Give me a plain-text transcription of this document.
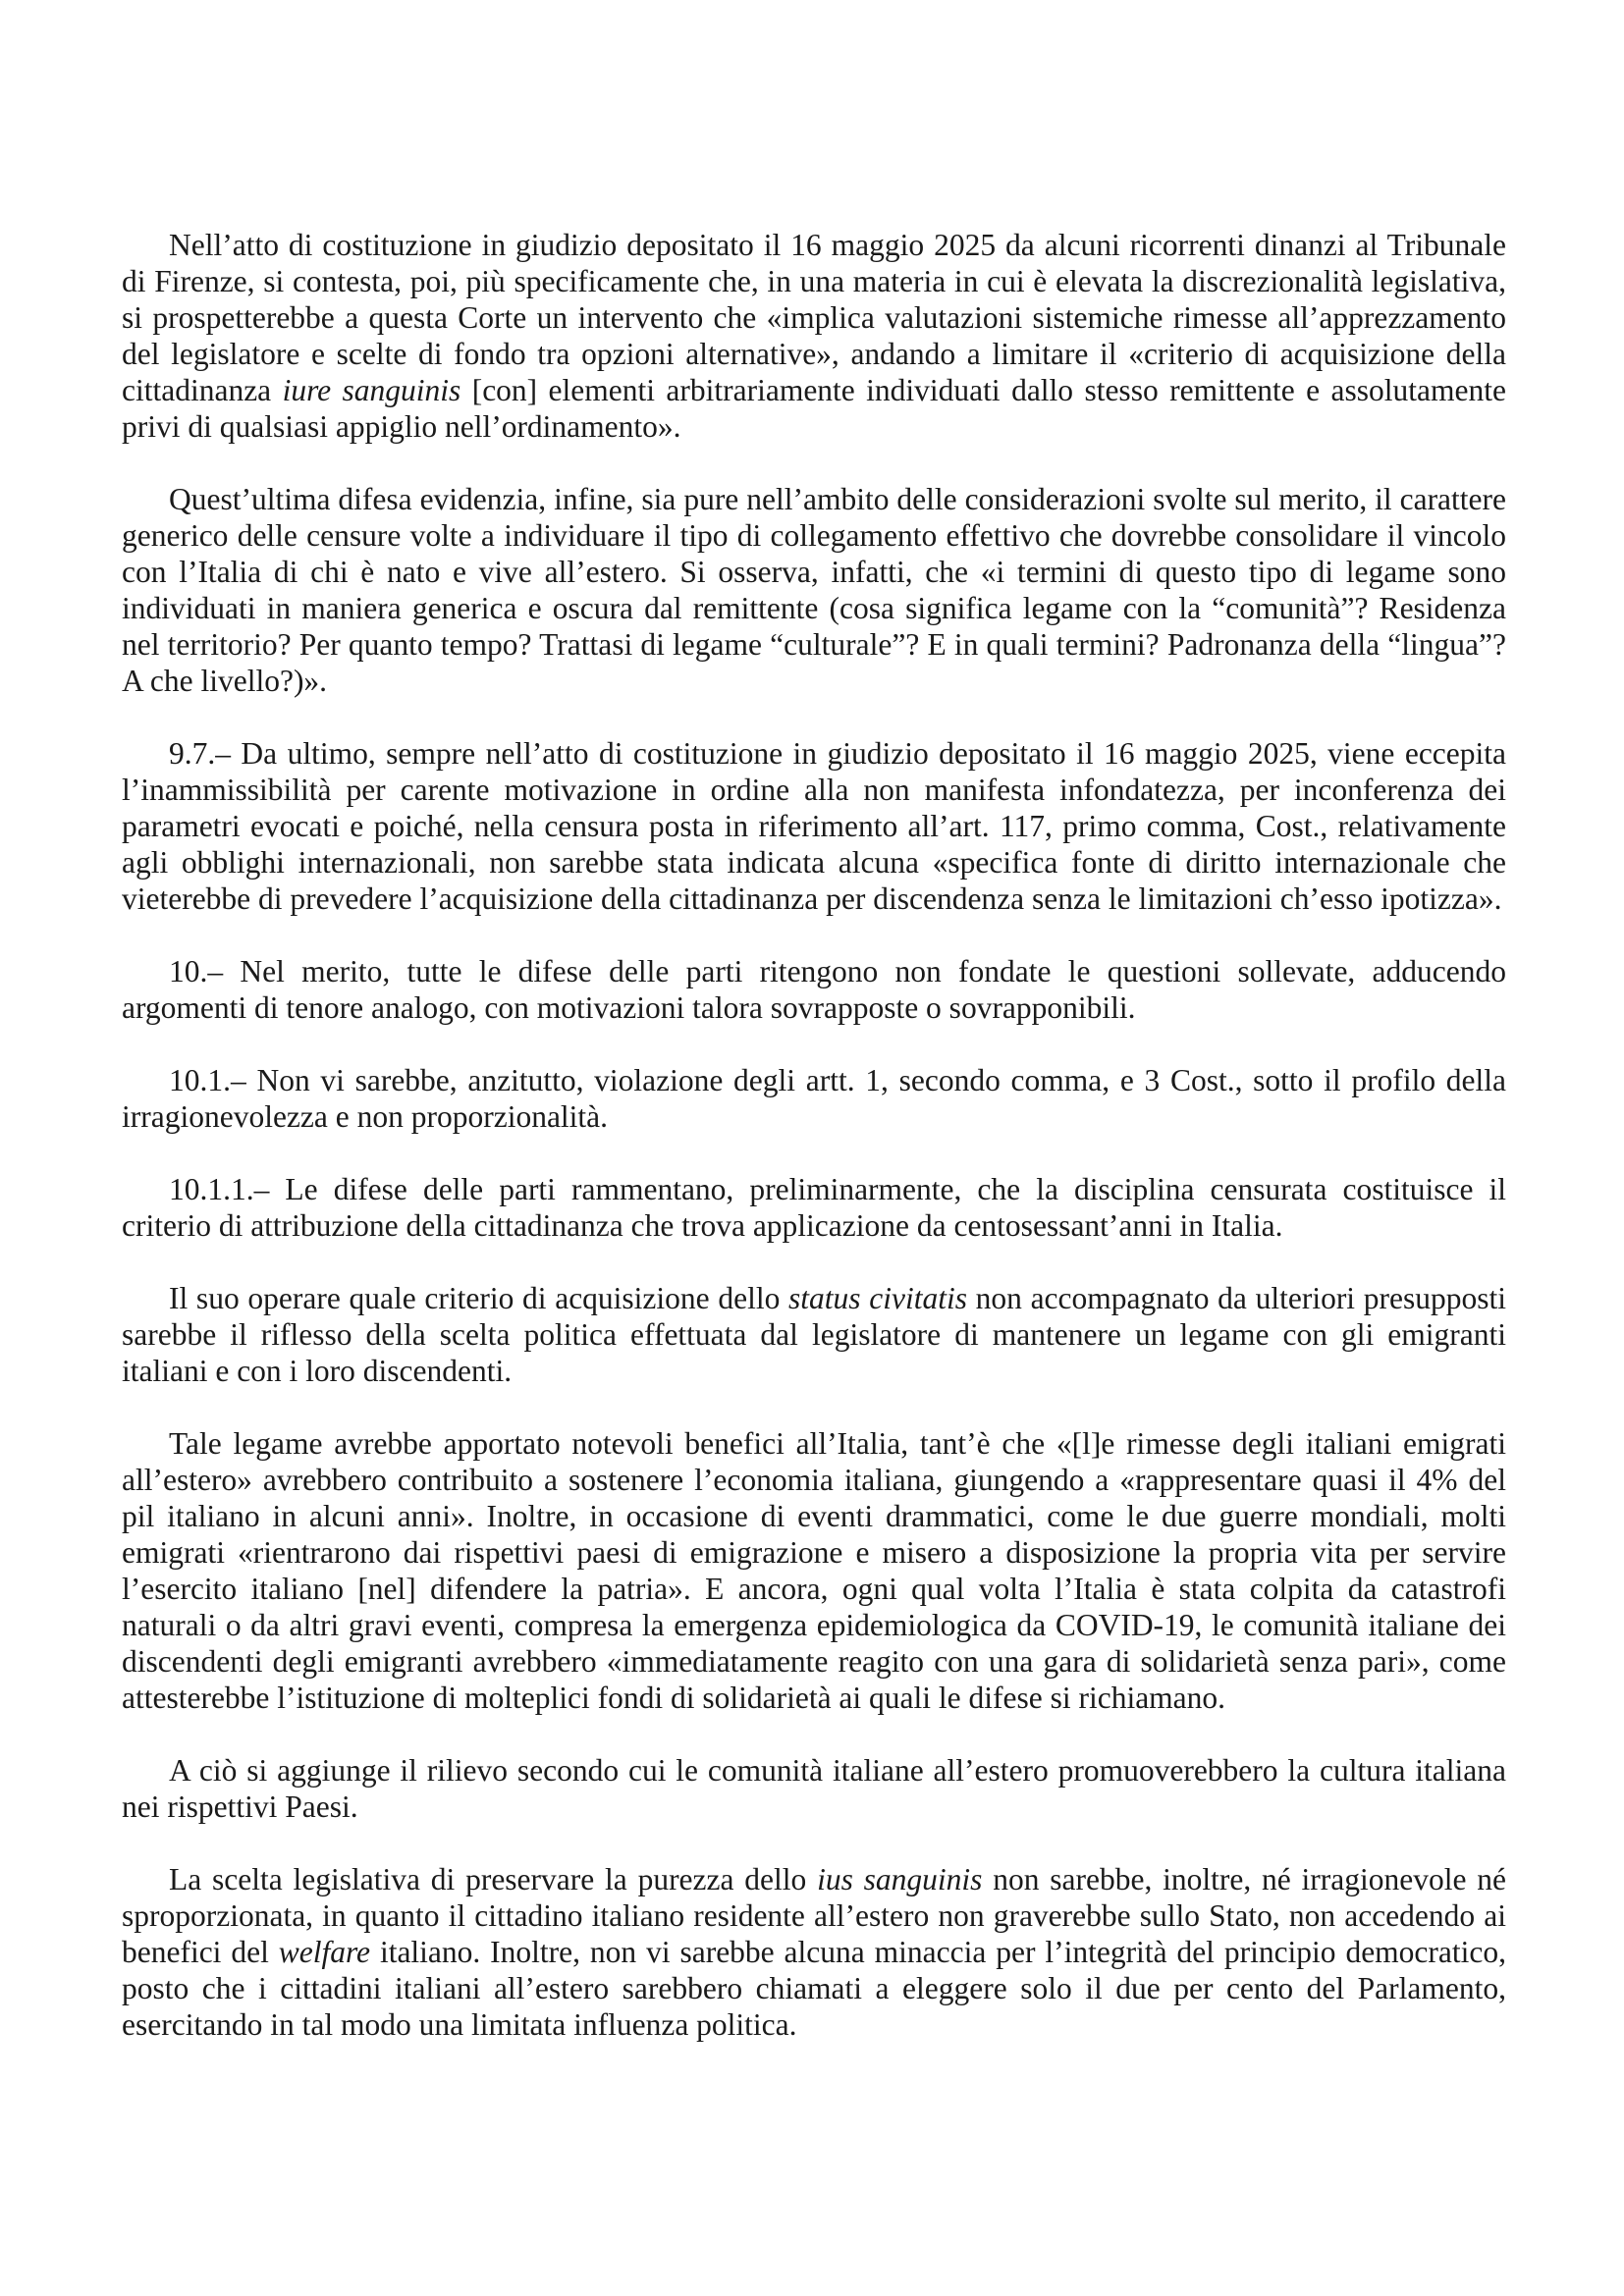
Nell’atto di costituzione in giudizio depositato il 16 maggio 2025 da alcuni ricorrenti dinanzi al Tribunale di Firenze, si contesta, poi, più specificamente che, in una materia in cui è elevata la discrezionalità legislativa, si prospetterebbe a questa Corte un intervento che «implica valutazioni sistemiche rimesse all’apprezzamento del legislatore e scelte di fondo tra opzioni alternative», andando a limitare il «criterio di acquisizione della cittadinanza iure sanguinis [con] elementi arbitrariamente individuati dallo stesso remittente e assolutamente privi di qualsiasi appiglio nell’ordinamento».

Quest’ultima difesa evidenzia, infine, sia pure nell’ambito delle considerazioni svolte sul merito, il carattere generico delle censure volte a individuare il tipo di collegamento effettivo che dovrebbe consolidare il vincolo con l’Italia di chi è nato e vive all’estero. Si osserva, infatti, che «i termini di questo tipo di legame sono individuati in maniera generica e oscura dal remittente (cosa significa legame con la “comunità”? Residenza nel territorio? Per quanto tempo? Trattasi di legame “culturale”? E in quali termini? Padronanza della “lingua”? A che livello?)».

9.7.– Da ultimo, sempre nell’atto di costituzione in giudizio depositato il 16 maggio 2025, viene eccepita l’inammissibilità per carente motivazione in ordine alla non manifesta infondatezza, per inconferenza dei parametri evocati e poiché, nella censura posta in riferimento all’art. 117, primo comma, Cost., relativamente agli obblighi internazionali, non sarebbe stata indicata alcuna «specifica fonte di diritto internazionale che vieterebbe di prevedere l’acquisizione della cittadinanza per discendenza senza le limitazioni ch’esso ipotizza».

10.– Nel merito, tutte le difese delle parti ritengono non fondate le questioni sollevate, adducendo argomenti di tenore analogo, con motivazioni talora sovrapposte o sovrapponibili.

10.1.– Non vi sarebbe, anzitutto, violazione degli artt. 1, secondo comma, e 3 Cost., sotto il profilo della irragionevolezza e non proporzionalità.

10.1.1.– Le difese delle parti rammentano, preliminarmente, che la disciplina censurata costituisce il criterio di attribuzione della cittadinanza che trova applicazione da centosessant’anni in Italia.

Il suo operare quale criterio di acquisizione dello status civitatis non accompagnato da ulteriori presupposti sarebbe il riflesso della scelta politica effettuata dal legislatore di mantenere un legame con gli emigranti italiani e con i loro discendenti.

Tale legame avrebbe apportato notevoli benefici all’Italia, tant’è che «[l]e rimesse degli italiani emigrati all’estero» avrebbero contribuito a sostenere l’economia italiana, giungendo a «rappresentare quasi il 4% del pil italiano in alcuni anni». Inoltre, in occasione di eventi drammatici, come le due guerre mondiali, molti emigrati «rientrarono dai rispettivi paesi di emigrazione e misero a disposizione la propria vita per servire l’esercito italiano [nel] difendere la patria». E ancora, ogni qual volta l’Italia è stata colpita da catastrofi naturali o da altri gravi eventi, compresa la emergenza epidemiologica da COVID-19, le comunità italiane dei discendenti degli emigranti avrebbero «immediatamente reagito con una gara di solidarietà senza pari», come attesterebbe l’istituzione di molteplici fondi di solidarietà ai quali le difese si richiamano.

A ciò si aggiunge il rilievo secondo cui le comunità italiane all’estero promuoverebbero la cultura italiana nei rispettivi Paesi.

La scelta legislativa di preservare la purezza dello ius sanguinis non sarebbe, inoltre, né irragionevole né sproporzionata, in quanto il cittadino italiano residente all’estero non graverebbe sullo Stato, non accedendo ai benefici del welfare italiano. Inoltre, non vi sarebbe alcuna minaccia per l’integrità del principio democratico, posto che i cittadini italiani all’estero sarebbero chiamati a eleggere solo il due per cento del Parlamento, esercitando in tal modo una limitata influenza politica.
